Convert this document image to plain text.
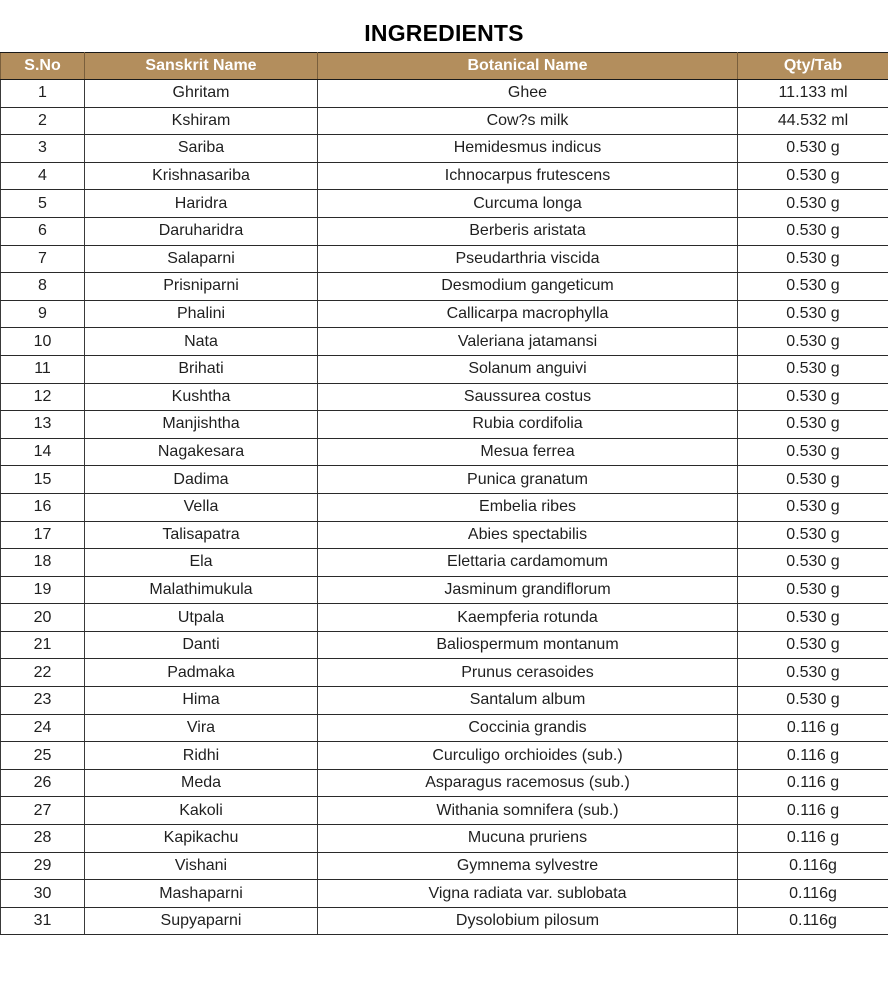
INGREDIENTS
S.No	Sanskrit Name	Botanical Name	Qty/Tab
1	Ghritam	Ghee	11.133 ml
2	Kshiram	Cow?s milk	44.532 ml
3	Sariba	Hemidesmus indicus	0.530 g
4	Krishnasariba	Ichnocarpus frutescens	0.530 g
5	Haridra	Curcuma longa	0.530 g
6	Daruharidra	Berberis aristata	0.530 g
7	Salaparni	Pseudarthria viscida	0.530 g
8	Prisniparni	Desmodium gangeticum	0.530 g
9	Phalini	Callicarpa macrophylla	0.530 g
10	Nata	Valeriana jatamansi	0.530 g
11	Brihati	Solanum anguivi	0.530 g
12	Kushtha	Saussurea costus	0.530 g
13	Manjishtha	Rubia cordifolia	0.530 g
14	Nagakesara	Mesua ferrea	0.530 g
15	Dadima	Punica granatum	0.530 g
16	Vella	Embelia ribes	0.530 g
17	Talisapatra	Abies spectabilis	0.530 g
18	Ela	Elettaria cardamomum	0.530 g
19	Malathimukula	Jasminum grandiflorum	0.530 g
20	Utpala	Kaempferia rotunda	0.530 g
21	Danti	Baliospermum montanum	0.530 g
22	Padmaka	Prunus cerasoides	0.530 g
23	Hima	Santalum album	0.530 g
24	Vira	Coccinia grandis	0.116 g
25	Ridhi	Curculigo orchioides (sub.)	0.116 g
26	Meda	Asparagus racemosus (sub.)	0.116 g
27	Kakoli	Withania somnifera (sub.)	0.116 g
28	Kapikachu	Mucuna pruriens	0.116 g
29	Vishani	Gymnema sylvestre	0.116g
30	Mashaparni	Vigna radiata var. sublobata	0.116g
31	Supyaparni	Dysolobium pilosum	0.116g
